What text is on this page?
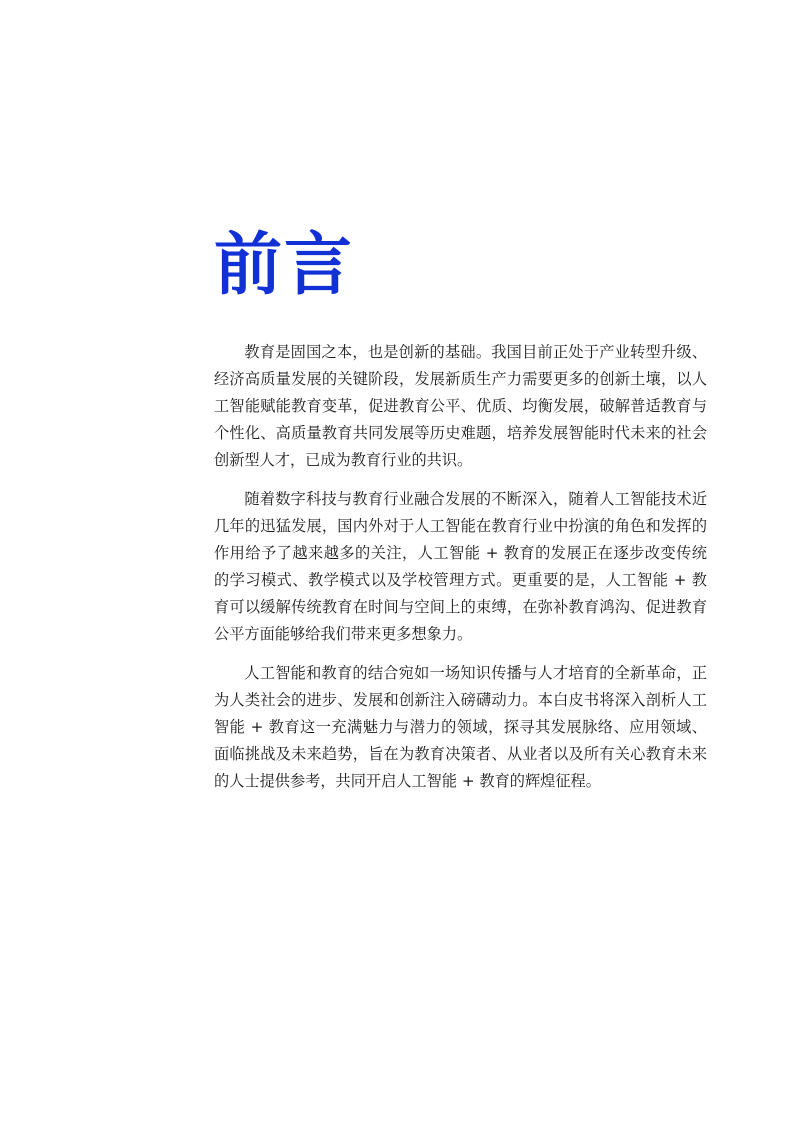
前言

教育是固国之本，也是创新的基础。我国目前正处于产业转型升级、经济高质量发展的关键阶段，发展新质生产力需要更多的创新土壤，以人工智能赋能教育变革，促进教育公平、优质、均衡发展，破解普适教育与个性化、高质量教育共同发展等历史难题，培养发展智能时代未来的社会创新型人才，已成为教育行业的共识。

随着数字科技与教育行业融合发展的不断深入，随着人工智能技术近几年的迅猛发展，国内外对于人工智能在教育行业中扮演的角色和发挥的作用给予了越来越多的关注，人工智能 + 教育的发展正在逐步改变传统的学习模式、教学模式以及学校管理方式。更重要的是，人工智能 + 教育可以缓解传统教育在时间与空间上的束缚，在弥补教育鸿沟、促进教育公平方面能够给我们带来更多想象力。

人工智能和教育的结合宛如一场知识传播与人才培育的全新革命，正为人类社会的进步、发展和创新注入磅礴动力。本白皮书将深入剖析人工智能 + 教育这一充满魅力与潜力的领域，探寻其发展脉络、应用领域、面临挑战及未来趋势，旨在为教育决策者、从业者以及所有关心教育未来的人士提供参考，共同开启人工智能 + 教育的辉煌征程。
